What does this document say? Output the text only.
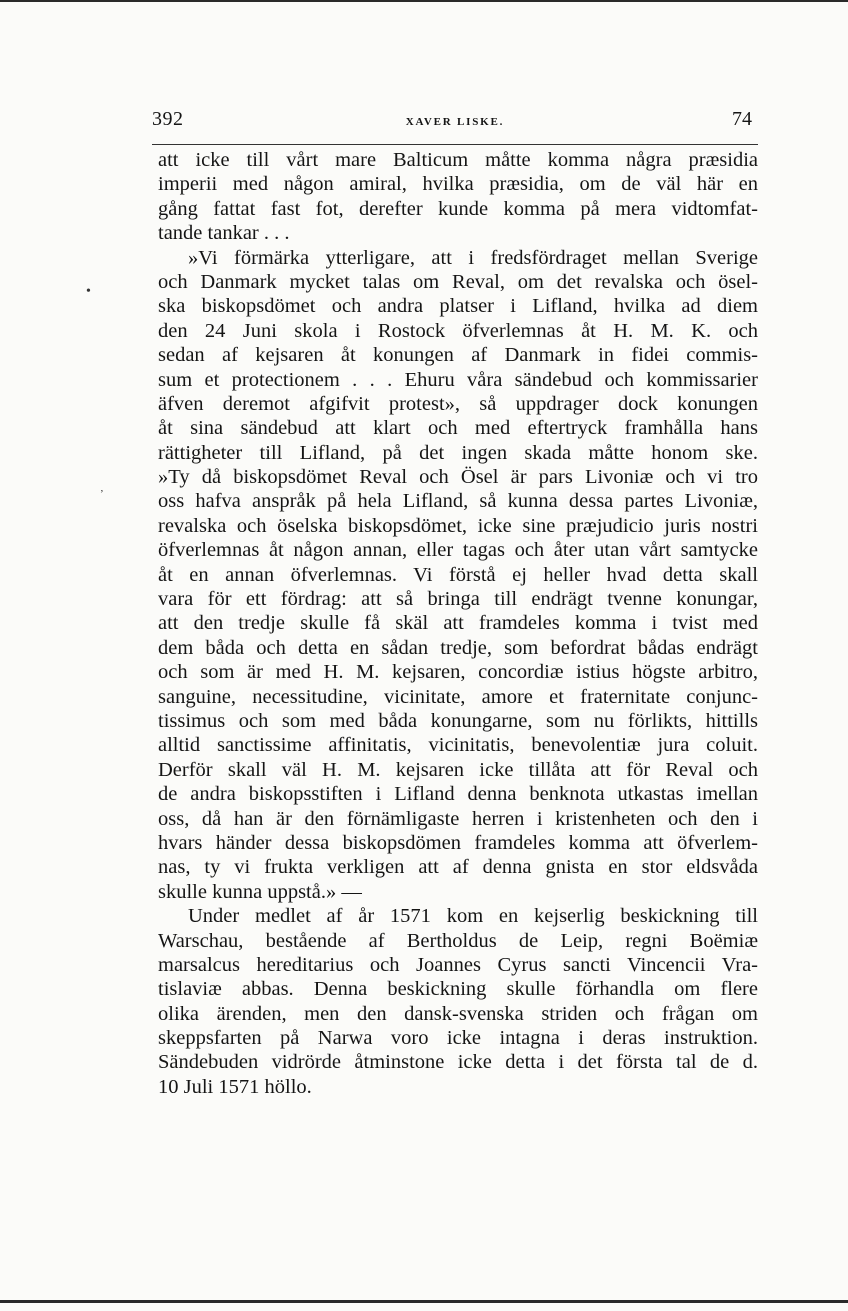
392	XAVER LISKE.	74
•
‚
att icke till vårt mare Balticum måtte komma några præsidia
imperii med någon amiral, hvilka præsidia, om de väl här en
gång fattat fast fot, derefter kunde komma på mera vidtomfat-
tande tankar . . .
»Vi förmärka ytterligare, att i fredsfördraget mellan Sverige
och Danmark mycket talas om Reval, om det revalska och ösel-
ska biskopsdömet och andra platser i Lifland, hvilka ad diem
den 24 Juni skola i Rostock öfverlemnas åt H. M. K. och
sedan af kejsaren åt konungen af Danmark in fidei commis-
sum et protectionem . . . Ehuru våra sändebud och kommissarier
äfven deremot afgifvit protest», så uppdrager dock konungen
åt sina sändebud att klart och med eftertryck framhålla hans
rättigheter till Lifland, på det ingen skada måtte honom ske.
»Ty då biskopsdömet Reval och Ösel är pars Livoniæ och vi tro
oss hafva anspråk på hela Lifland, så kunna dessa partes Livoniæ,
revalska och öselska biskopsdömet, icke sine præjudicio juris nostri
öfverlemnas åt någon annan, eller tagas och åter utan vårt samtycke
åt en annan öfverlemnas. Vi förstå ej heller hvad detta skall
vara för ett fördrag: att så bringa till endrägt tvenne konungar,
att den tredje skulle få skäl att framdeles komma i tvist med
dem båda och detta en sådan tredje, som befordrat bådas endrägt
och som är med H. M. kejsaren, concordiæ istius högste arbitro,
sanguine, necessitudine, vicinitate, amore et fraternitate conjunc-
tissimus och som med båda konungarne, som nu förlikts, hittills
alltid sanctissime affinitatis, vicinitatis, benevolentiæ jura coluit.
Derför skall väl H. M. kejsaren icke tillåta att för Reval och
de andra biskopsstiften i Lifland denna benknota utkastas imellan
oss, då han är den förnämligaste herren i kristenheten och den i
hvars händer dessa biskopsdömen framdeles komma att öfverlem-
nas, ty vi frukta verkligen att af denna gnista en stor eldsvåda
skulle kunna uppstå.» —
Under medlet af år 1571 kom en kejserlig beskickning till
Warschau, bestående af Bertholdus de Leip, regni Boëmiæ
marsalcus hereditarius och Joannes Cyrus sancti Vincencii Vra-
tislaviæ abbas. Denna beskickning skulle förhandla om flere
olika ärenden, men den dansk-svenska striden och frågan om
skeppsfarten på Narwa voro icke intagna i deras instruktion.
Sändebuden vidrörde åtminstone icke detta i det första tal de d.
10 Juli 1571 höllo.
